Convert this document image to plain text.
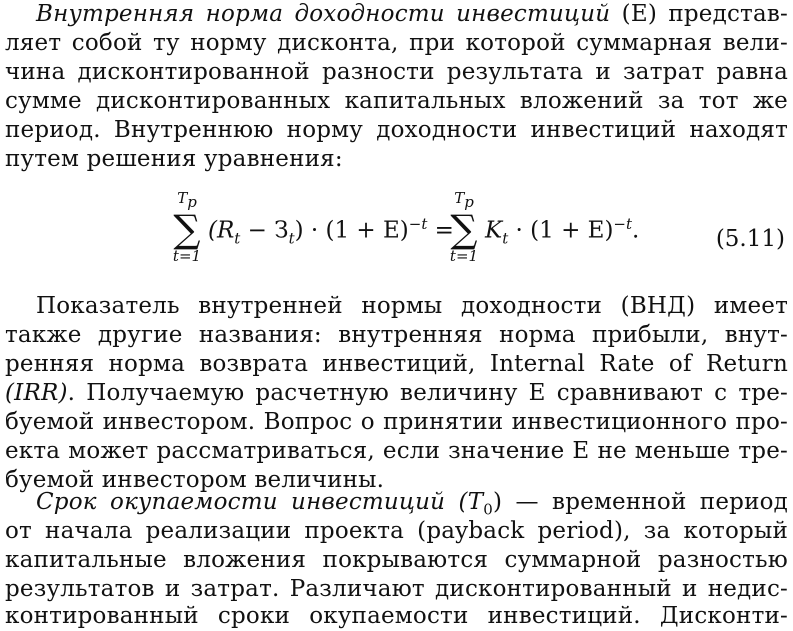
Внутренняя норма доходности инвестиций (E) представ-
ляет собой ту норму дисконта, при которой суммарная вели-
чина дисконтированной разности результата и затрат равна
сумме дисконтированных капитальных вложений за тот же
период. Внутреннюю норму доходности инвестиций находят
путем решения уравнения:
$T_р$
∑
t=1
$(R_t - З_t) \cdot (1 + E)^{-t}$ =
$T_р$
∑
t=1
$K_t \cdot (1 + E)^{-t}$.	(5.11)
Показатель внутренней нормы доходности (ВНД) имеет
также другие названия: внутренняя норма прибыли, внут-
ренняя норма возврата инвестиций, Internal Rate of Return
(IRR). Получаемую расчетную величину E сравнивают с тре-
буемой инвестором. Вопрос о принятии инвестиционного про-
екта может рассматриваться, если значение E не меньше тре-
буемой инвестором величины.
Срок окупаемости инвестиций $(T_0)$ — временной период
от начала реализации проекта (payback period), за который
капитальные вложения покрываются суммарной разностью
результатов и затрат. Различают дисконтированный и недис-
контированный сроки окупаемости инвестиций. Дисконти-
